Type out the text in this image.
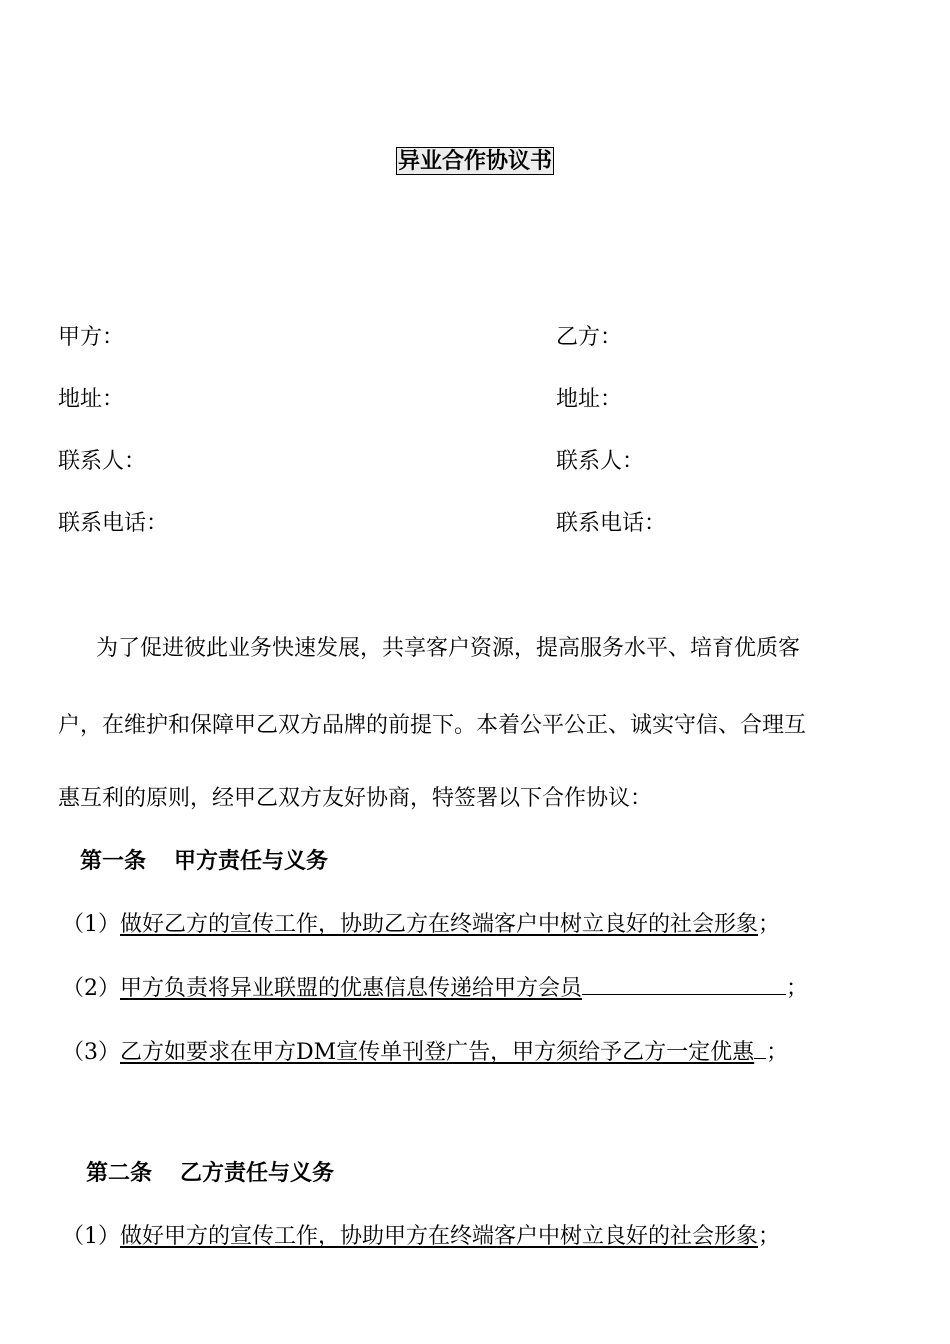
异业合作协议书
甲方：	乙方：
地址：	地址：
联系人：	联系人：
联系电话：	联系电话：
为了促进彼此业务快速发展，共享客户资源，提高服务水平、培育优质客
户，在维护和保障甲乙双方品牌的前提下。本着公平公正、诚实守信、合理互
惠互利的原则，经甲乙双方友好协商，特签署以下合作协议：
第一条 甲方责任与义务
（1）做好乙方的宣传工作，协助乙方在终端客户中树立良好的社会形象；
（2）甲方负责将异业联盟的优惠信息传递给甲方会员	；
（3）乙方如要求在甲方DM宣传单刊登广告，甲方须给予乙方一定优惠 ；
第二条 乙方责任与义务
（1）做好甲方的宣传工作，协助甲方在终端客户中树立良好的社会形象；
